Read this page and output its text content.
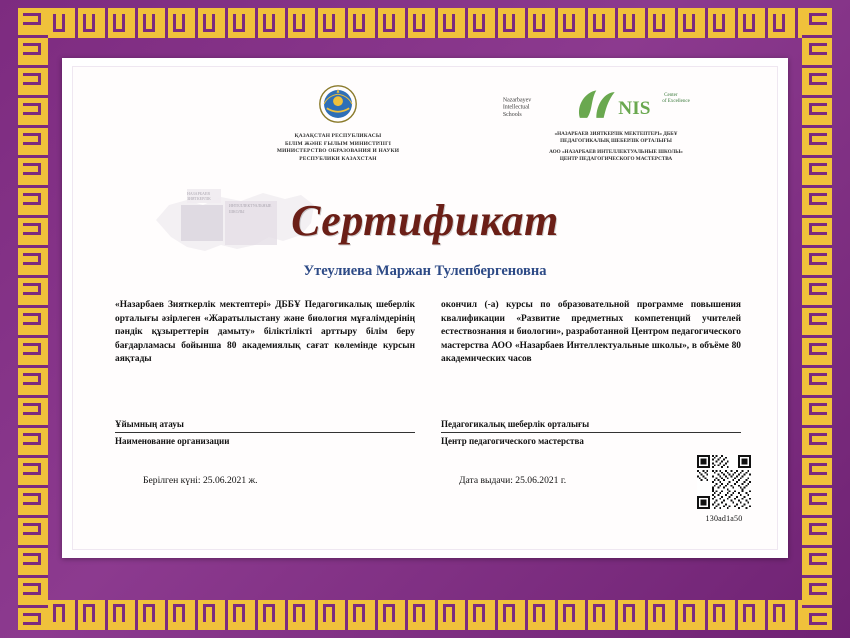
НАЗАРБАЕВ
ЗИЯТКЕРЛІК
ИНТЕЛЛЕКТУАЛЬНЫЕ
ШКОЛЫ
ҚАЗАҚСТАН РЕСПУБЛИКАСЫ
БІЛІМ ЖӘНЕ ҒЫЛЫМ МИНИСТРЛІГІ
МИНИСТЕРСТВО ОБРАЗОВАНИЯ И НАУКИ
РЕСПУБЛИКИ КАЗАХСТАН
Nazarbayev
Intellectual
Schools	NIS
Center
of Excellence
«НАЗАРБАЕВ ЗИЯТКЕРЛІК МЕКТЕПТЕРІ» ДББҰ
ПЕДАГОГИКАЛЫҚ ШЕБЕРЛІК ОРТАЛЫҒЫ
АОО «НАЗАРБАЕВ ИНТЕЛЛЕКТУАЛЬНЫЕ ШКОЛЫ»
ЦЕНТР ПЕДАГОГИЧЕСКОГО МАСТЕРСТВА
Сертификат
Утеулиева Маржан Тулепбергеновна
«Назарбаев Зияткерлік мектептері» ДББҰ Педагогикалық шеберлік орталығы әзірлеген «Жаратылыстану және биология мұғалімдерінің пәндік құзыреттерін дамыту» біліктілікті арттыру білім беру бағдарламасы бойынша 80 академиялық сағат көлемінде курсын аяқтады
окончил (-а) курсы по образовательной программе повышения квалификации «Развитие предметных компетенций учителей естествознания и биологии», разработанной Центром педагогического мастерства АОО «Назарбаев Интеллектуальные школы», в объёме 80 академических часов
Ұйымның атауы
Наименование организации
Педагогикалық шеберлік орталығы
Центр педагогического мастерства
Берілген күні: 25.06.2021 ж.	Дата выдачи: 25.06.2021 г.
130ad1a50
